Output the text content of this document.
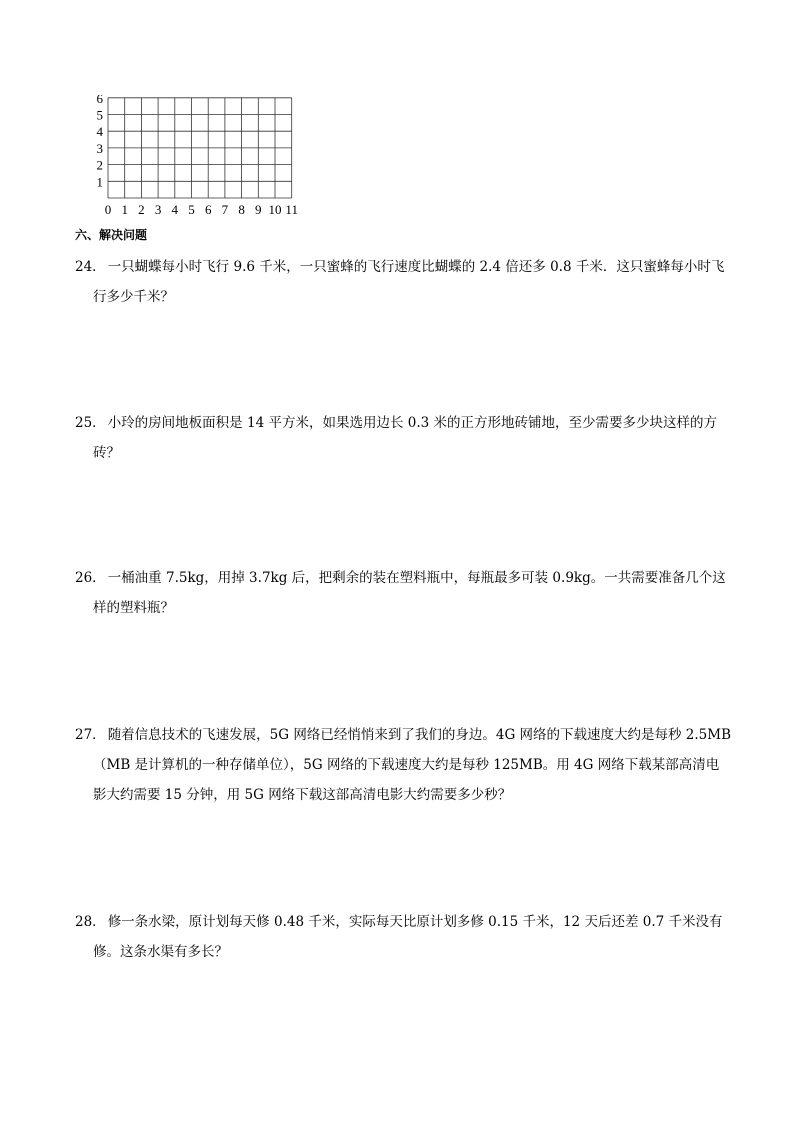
0 1 2 3 4 5 6 7 8 9 10 11
6
5
4
3
2
1
六、解决问题
24． 一只蝴蝶每小时飞行 9.6 千米，一只蜜蜂的飞行速度比蝴蝶的 2.4 倍还多 0.8 千米．这只蜜蜂每小时飞
行多少千米？
25． 小玲的房间地板面积是 14 平方米，如果选用边长 0.3 米的正方形地砖铺地，至少需要多少块这样的方
砖？
26． 一桶油重 7.5kg，用掉 3.7kg 后，把剩余的装在塑料瓶中，每瓶最多可装 0.9kg。一共需要准备几个这
样的塑料瓶？
27． 随着信息技术的飞速发展，5G 网络已经悄悄来到了我们的身边。4G 网络的下载速度大约是每秒 2.5MB
（MB 是计算机的一种存储单位），5G 网络的下载速度大约是每秒 125MB。用 4G 网络下载某部高清电
影大约需要 15 分钟，用 5G 网络下载这部高清电影大约需要多少秒？
28． 修一条水梁，原计划每天修 0.48 千米，实际每天比原计划多修 0.15 千米，12 天后还差 0.7 千米没有
修。这条水渠有多长？
